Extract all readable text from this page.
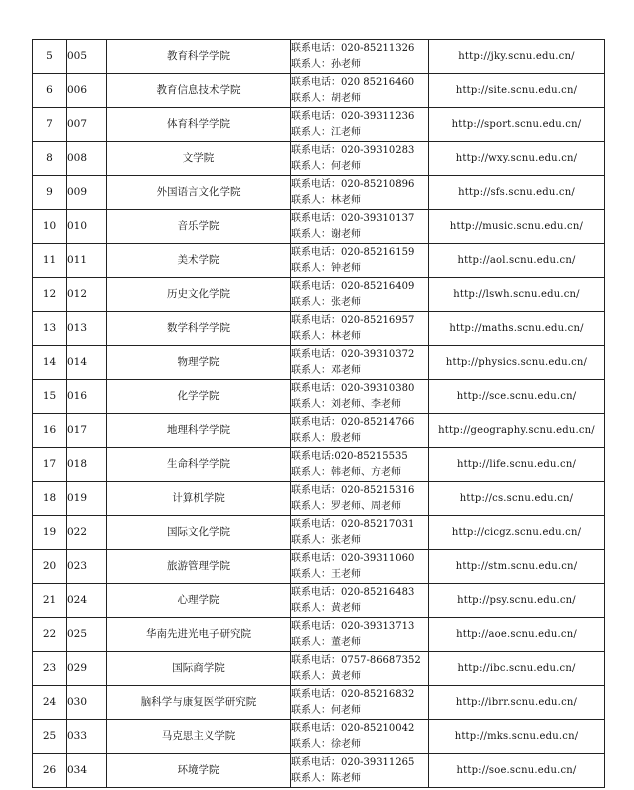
5	005	教育科学学院	联系电话：020-85211326
联系人：孙老师	http://jky.scnu.edu.cn/
6	006	教育信息技术学院	联系电话：020 85216460
联系人：胡老师	http://site.scnu.edu.cn/
7	007	体育科学学院	联系电话：020-39311236
联系人：江老师	http://sport.scnu.edu.cn/
8	008	文学院	联系电话：020-39310283
联系人：何老师	http://wxy.scnu.edu.cn/
9	009	外国语言文化学院	联系电话：020-85210896
联系人：林老师	http://sfs.scnu.edu.cn/
10	010	音乐学院	联系电话：020-39310137
联系人：谢老师	http://music.scnu.edu.cn/
11	011	美术学院	联系电话：020-85216159
联系人：钟老师	http://aol.scnu.edu.cn/
12	012	历史文化学院	联系电话：020-85216409
联系人：张老师	http://lswh.scnu.edu.cn/
13	013	数学科学学院	联系电话：020-85216957
联系人：林老师	http://maths.scnu.edu.cn/
14	014	物理学院	联系电话：020-39310372
联系人：邓老师	http://physics.scnu.edu.cn/
15	016	化学学院	联系电话：020-39310380
联系人：刘老师、李老师	http://sce.scnu.edu.cn/
16	017	地理科学学院	联系电话：020-85214766
联系人：殷老师	http://geography.scnu.edu.cn/
17	018	生命科学学院	联系电话:020-85215535
联系人：韩老师、方老师	http://life.scnu.edu.cn/
18	019	计算机学院	联系电话：020-85215316
联系人：罗老师、周老师	http://cs.scnu.edu.cn/
19	022	国际文化学院	联系电话：020-85217031
联系人：张老师	http://cicgz.scnu.edu.cn/
20	023	旅游管理学院	联系电话：020-39311060
联系人：王老师	http://stm.scnu.edu.cn/
21	024	心理学院	联系电话：020-85216483
联系人：黄老师	http://psy.scnu.edu.cn/
22	025	华南先进光电子研究院	联系电话：020-39313713
联系人：董老师	http://aoe.scnu.edu.cn/
23	029	国际商学院	联系电话：0757-86687352
联系人：黄老师	http://ibc.scnu.edu.cn/
24	030	脑科学与康复医学研究院	联系电话：020-85216832
联系人：何老师	http://ibrr.scnu.edu.cn/
25	033	马克思主义学院	联系电话：020-85210042
联系人：徐老师	http://mks.scnu.edu.cn/
26	034	环境学院	联系电话：020-39311265
联系人：陈老师	http://soe.scnu.edu.cn/
